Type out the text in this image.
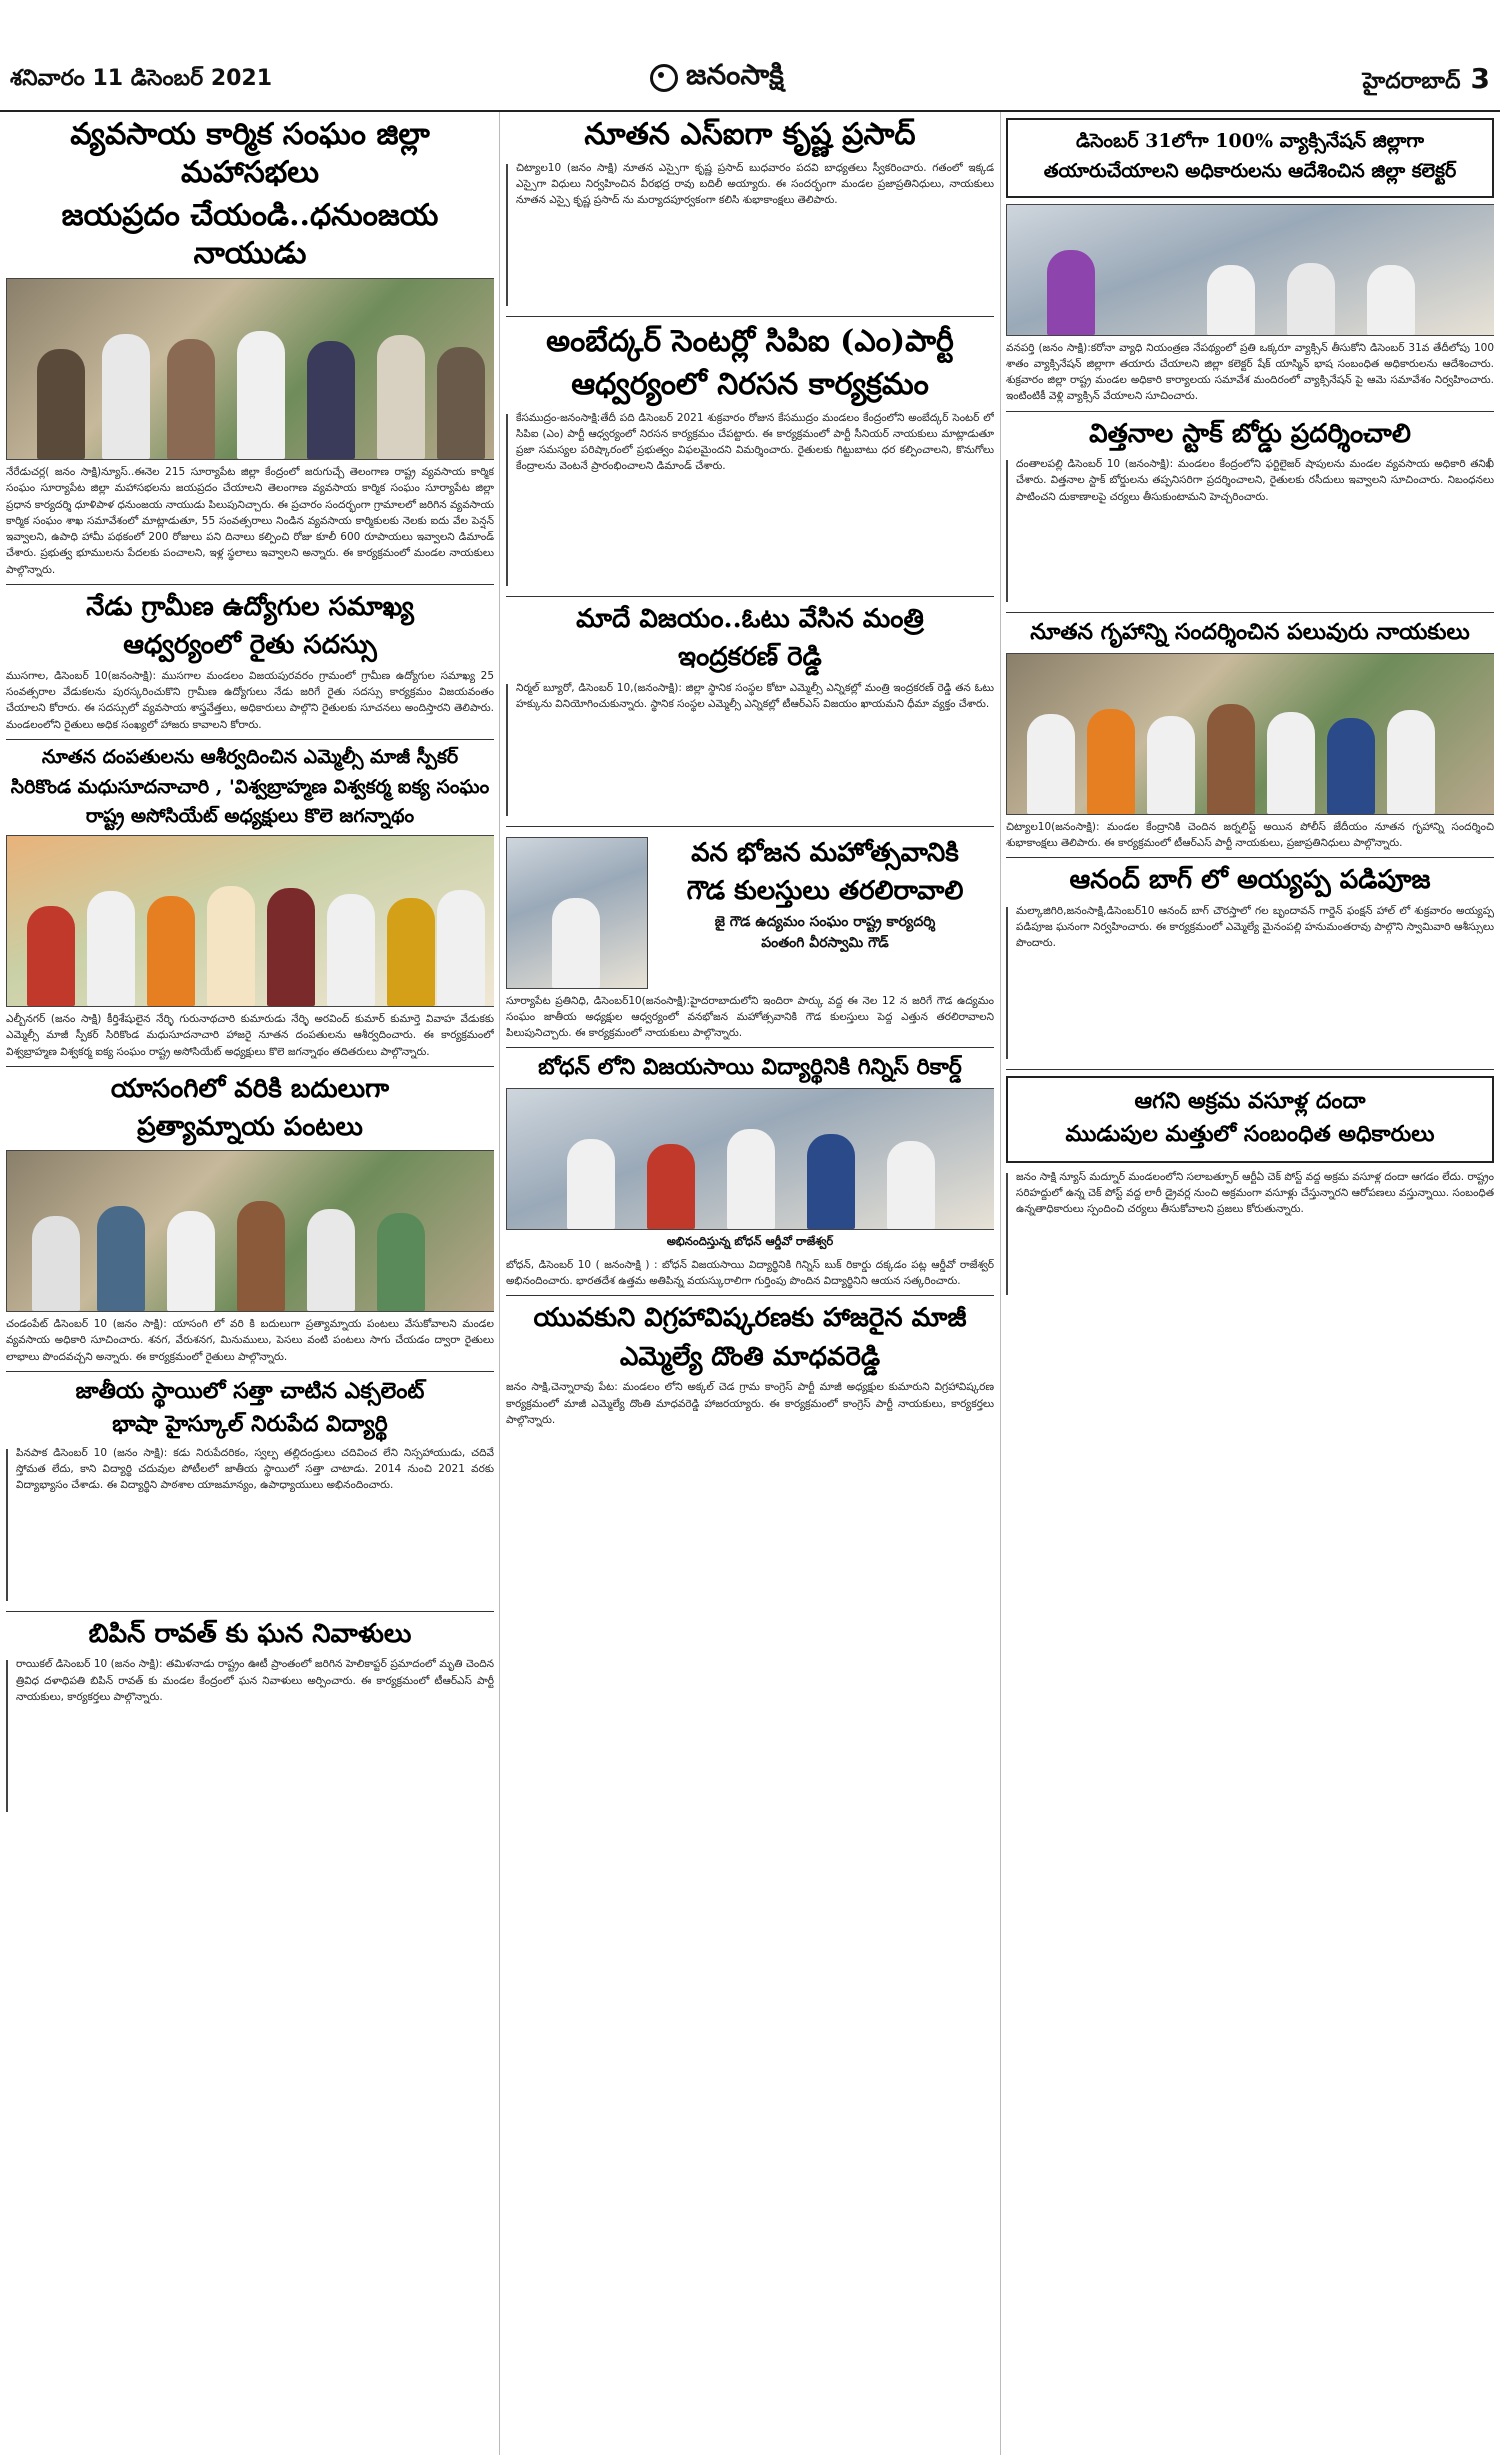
శనివారం 11 డిసెంబర్ 2021	జనంసాక్షి	హైదరాబాద్ 3
వ్యవసాయ కార్మిక సంఘం జిల్లా మహాసభలు
జయప్రదం చేయండి..ధనుంజయ నాయుడు

నేరేడుచర్ల( జనం సాక్షి)న్యూస్..ఈనెల 215 సూర్యాపేట జిల్లా కేంద్రంలో జరుగుచ్చే తెలంగాణ రాష్ట్ర వ్యవసాయ కార్మిక సంఘం సూర్యాపేట జిల్లా మహాసభలను జయప్రదం చేయాలని తెలంగాణ వ్యవసాయ కార్మిక సంఘం సూర్యాపేట జిల్లా ప్రధాన కార్యదర్శి ధూళిపాళ ధనుంజయ నాయుడు పిలుపునిచ్చారు. ఈ ప్రచారం సందర్భంగా గ్రామాలలో జరిగిన వ్యవసాయ కార్మిక సంఘం శాఖ సమావేశంలో మాట్లాడుతూ, 55 సంవత్సరాలు నిండిన వ్యవసాయ కార్మికులకు నెలకు ఐదు వేల పెన్షన్ ఇవ్వాలని, ఉపాధి హామీ పథకంలో 200 రోజులు పని దినాలు కల్పించి రోజు కూలీ 600 రూపాయలు ఇవ్వాలని డిమాండ్ చేశారు. ప్రభుత్వ భూములను పేదలకు పంచాలని, ఇళ్ల స్థలాలు ఇవ్వాలని అన్నారు. ఈ కార్యక్రమంలో మండల నాయకులు పాల్గొన్నారు.

నేడు గ్రామీణ ఉద్యోగుల సమాఖ్య
ఆధ్వర్యంలో రైతు సదస్సు

ముసగాల, డిసెంబర్ 10(జనంసాక్షి): ముసగాల మండలం విజయపురవరం గ్రామంలో గ్రామీణ ఉద్యోగుల సమాఖ్య 25 సంవత్సరాల వేడుకలను పురస్కరించుకొని గ్రామీణ ఉద్యోగులు నేడు జరిగే రైతు సదస్సు కార్యక్రమం విజయవంతం చేయాలని కోరారు. ఈ సదస్సులో వ్యవసాయ శాస్త్రవేత్తలు, అధికారులు పాల్గొని రైతులకు సూచనలు అందిస్తారని తెలిపారు. మండలంలోని రైతులు అధిక సంఖ్యలో హాజరు కావాలని కోరారు.

నూతన దంపతులను ఆశీర్వదించిన ఎమ్మెల్సీ మాజీ స్పీకర్
సిరికొండ మధుసూదనాచారి , 'విశ్వబ్రాహ్మణ విశ్వకర్మ ఐక్య సంఘం
రాష్ట్ర అసోసియేట్ అధ్యక్షులు కొలె జగన్నాథం

ఎల్బీనగర్ (జనం సాక్షి) కీర్తిశేషులైన నేర్ళి గురునాథచారి కుమారుడు నేర్ళి అరవింద్ కుమార్ కుమార్తె వివాహ వేడుకకు ఎమ్మెల్సీ మాజీ స్పీకర్ సిరికొండ మధుసూదనాచారి హాజరై నూతన దంపతులను ఆశీర్వదించారు. ఈ కార్యక్రమంలో విశ్వబ్రాహ్మణ విశ్వకర్మ ఐక్య సంఘం రాష్ట్ర అసోసియేట్ అధ్యక్షులు కొలె జగన్నాథం తదితరులు పాల్గొన్నారు.

యాసంగిలో వరికి బదులుగా
ప్రత్యామ్నాయ పంటలు

చండంపేట్ డిసెంబర్ 10 (జనం సాక్షి): యాసంగి లో వరి కి బదులుగా ప్రత్యామ్నాయ పంటలు వేసుకోవాలని మండల వ్యవసాయ అధికారి సూచించారు. శనగ, వేరుశనగ, మినుములు, పెసలు వంటి పంటలు సాగు చేయడం ద్వారా రైతులు లాభాలు పొందవచ్చని అన్నారు. ఈ కార్యక్రమంలో రైతులు పాల్గొన్నారు.

జాతీయ స్థాయిలో సత్తా చాటిన ఎక్సలెంట్
భాషా హైస్కూల్ నిరుపేద విద్యార్థి

పినపాక డిసెంబర్ 10 (జనం సాక్షి): కడు నిరుపేదరికం, స్వల్ప తల్లిదండ్రులు చదివించ లేని నిస్సహాయుడు, చదివే స్తోమత లేదు, కాని విద్యార్థి చదువుల పోటీలలో జాతీయ స్థాయిలో సత్తా చాటాడు. 2014 నుంచి 2021 వరకు విద్యాభ్యాసం చేశాడు. ఈ విద్యార్థిని పాఠశాల యాజమాన్యం, ఉపాధ్యాయులు అభినందించారు.

బిపిన్ రావత్ కు ఘన నివాళులు

రాయికల్ డిసెంబర్ 10 (జనం సాక్షి): తమిళనాడు రాష్ట్రం ఊటీ ప్రాంతంలో జరిగిన హెలికాప్టర్ ప్రమాదంలో మృతి చెందిన త్రివిధ దళాధిపతి బిపిన్ రావత్ కు మండల కేంద్రంలో ఘన నివాళులు అర్పించారు. ఈ కార్యక్రమంలో టీఆర్ఎస్ పార్టీ నాయకులు, కార్యకర్తలు పాల్గొన్నారు.

నూతన ఎస్ఐగా కృష్ణ ప్రసాద్

చిట్యాల10 (జనం సాక్షి) నూతన ఎస్సైగా కృష్ణ ప్రసాద్ బుధవారం పదవి బాధ్యతలు స్వీకరించారు. గతంలో ఇక్కడ ఎస్సైగా విధులు నిర్వహించిన వీరభద్ర రావు బదిలీ అయ్యారు. ఈ సందర్భంగా మండల ప్రజాప్రతినిధులు, నాయకులు నూతన ఎస్సై కృష్ణ ప్రసాద్ ను మర్యాదపూర్వకంగా కలిసి శుభాకాంక్షలు తెలిపారు.

అంబేద్కర్ సెంటర్లో సిపిఐ (ఎం)పార్టీ
ఆధ్వర్యంలో నిరసన కార్యక్రమం

కేసముద్రం-జనంసాక్షి:తేదీ పది డిసెంబర్ 2021 శుక్రవారం రోజున కేసముద్రం మండలం కేంద్రంలోని అంబేద్కర్ సెంటర్ లో సిపిఐ (ఎం) పార్టీ ఆధ్వర్యంలో నిరసన కార్యక్రమం చేపట్టారు. ఈ కార్యక్రమంలో పార్టీ సీనియర్ నాయకులు మాట్లాడుతూ ప్రజా సమస్యల పరిష్కారంలో ప్రభుత్వం విఫలమైందని విమర్శించారు. రైతులకు గిట్టుబాటు ధర కల్పించాలని, కొనుగోలు కేంద్రాలను వెంటనే ప్రారంభించాలని డిమాండ్ చేశారు.

మాదే విజయం..ఓటు వేసిన మంత్రి
ఇంద్రకరణ్ రెడ్డి

నిర్మల్ బ్యూరో, డిసెంబర్ 10,(జనంసాక్షి): జిల్లా స్థానిక సంస్థల కోటా ఎమ్మెల్సీ ఎన్నికల్లో మంత్రి ఇంద్రకరణ్ రెడ్డి తన ఓటు హక్కును వినియోగించుకున్నారు. స్థానిక సంస్థల ఎమ్మెల్సీ ఎన్నికల్లో టీఆర్ఎస్ విజయం ఖాయమని ధీమా వ్యక్తం చేశారు.

వన భోజన మహోత్సవానికి
గౌడ కులస్తులు తరలిరావాలి
జై గౌడ ఉద్యమం సంఘం రాష్ట్ర కార్యదర్శి
పంతంగి వీరస్వామి గౌడ్

సూర్యాపేట ప్రతినిధి, డిసెంబర్10(జనంసాక్షి):హైదరాబాదులోని ఇందిరా పార్కు వద్ద ఈ నెల 12 న జరిగే గౌడ ఉద్యమం సంఘం జాతీయ అధ్యక్షుల ఆధ్వర్యంలో వనభోజన మహోత్సవానికి గౌడ కులస్తులు పెద్ద ఎత్తున తరలిరావాలని పిలుపునిచ్చారు. ఈ కార్యక్రమంలో నాయకులు పాల్గొన్నారు.

బోధన్ లోని విజయసాయి విద్యార్థినికి గిన్నిస్ రికార్డ్
అభినందిస్తున్న బోధన్ ఆర్డీవో రాజేశ్వర్

బోధన్, డిసెంబర్ 10 ( జనంసాక్షి ) : బోధన్ విజయసాయి విద్యార్థినికి గిన్నిస్ బుక్ రికార్డు దక్కడం పట్ల ఆర్డీవో రాజేశ్వర్ అభినందించారు. భారతదేశ ఉత్తమ అతిపిన్న వయస్కురాలిగా గుర్తింపు పొందిన విద్యార్థినిని ఆయన సత్కరించారు.

యువకుని విగ్రహావిష్కరణకు హాజరైన మాజీ
ఎమ్మెల్యే దొంతి మాధవరెడ్డి

జనం సాక్షి,చెన్నారావు పేట: మండలం లోని అక్కల్ చెడ గ్రామ కాంగ్రెస్ పార్టీ మాజీ అధ్యక్షుల కుమారుని విగ్రహావిష్కరణ కార్యక్రమంలో మాజీ ఎమ్మెల్యే దొంతి మాధవరెడ్డి హాజరయ్యారు. ఈ కార్యక్రమంలో కాంగ్రెస్ పార్టీ నాయకులు, కార్యకర్తలు పాల్గొన్నారు.

డిసెంబర్ 31లోగా 100% వ్యాక్సినేషన్ జిల్లాగా
తయారుచేయాలని అధికారులను ఆదేశించిన జిల్లా కలెక్టర్

వనపర్తి (జనం సాక్షి):కరోనా వ్యాధి నియంత్రణ నేపథ్యంలో ప్రతి ఒక్కరూ వ్యాక్సిన్ తీసుకోని డిసెంబర్ 31వ తేదీలోపు 100 శాతం వ్యాక్సినేషన్ జిల్లాగా తయారు చేయాలని జిల్లా కలెక్టర్ షేక్ యాస్మిన్ భాష సంబంధిత అధికారులను ఆదేశించారు. శుక్రవారం జిల్లా రాష్ట్ర మండల అధికారి కార్యాలయ సమావేశ మందిరంలో వ్యాక్సినేషన్ పై ఆమె సమావేశం నిర్వహించారు. ఇంటింటికీ వెళ్లి వ్యాక్సిన్ వేయాలని సూచించారు.

విత్తనాల స్టాక్ బోర్డు ప్రదర్శించాలి

దంతాలపల్లి డిసెంబర్ 10 (జనంసాక్షి): మండలం కేంద్రంలోని ఫర్టిలైజర్ షాపులను మండల వ్యవసాయ అధికారి తనిఖీ చేశారు. విత్తనాల స్టాక్ బోర్డులను తప్పనిసరిగా ప్రదర్శించాలని, రైతులకు రసీదులు ఇవ్వాలని సూచించారు. నిబంధనలు పాటించని దుకాణాలపై చర్యలు తీసుకుంటామని హెచ్చరించారు.

నూతన గృహాన్ని సందర్శించిన పలువురు నాయకులు

చిట్యాల10(జనంసాక్షి): మండల కేంద్రానికి చెందిన జర్నలిస్ట్ అయిన పోలీస్ జేదీయం నూతన గృహాన్ని సందర్శించి శుభాకాంక్షలు తెలిపారు. ఈ కార్యక్రమంలో టీఆర్ఎస్ పార్టీ నాయకులు, ప్రజాప్రతినిధులు పాల్గొన్నారు.

ఆనంద్ బాగ్ లో అయ్యప్ప పడిపూజ

మల్కాజిగిరి,జనంసాక్షి,డిసెంబర్10 ఆనంద్ బాగ్ చౌరస్తాలో గల బృందావన్ గార్డెన్ ఫంక్షన్ హాల్ లో శుక్రవారం అయ్యప్ప పడిపూజ ఘనంగా నిర్వహించారు. ఈ కార్యక్రమంలో ఎమ్మెల్యే మైనంపల్లి హనుమంతరావు పాల్గొని స్వామివారి ఆశీస్సులు పొందారు.

ఆగని అక్రమ వసూళ్ల దందా
ముడుపుల మత్తులో సంబంధిత అధికారులు

జనం సాక్షి న్యూస్ మద్నూర్ మండలంలోని సలాబత్పూర్ ఆర్టీఏ చెక్ పోస్ట్ వద్ద అక్రమ వసూళ్ల దందా ఆగడం లేదు. రాష్ట్రం సరిహద్దులో ఉన్న చెక్ పోస్ట్ వద్ద లారీ డ్రైవర్ల నుంచి అక్రమంగా వసూళ్లు చేస్తున్నారని ఆరోపణలు వస్తున్నాయి. సంబంధిత ఉన్నతాధికారులు స్పందించి చర్యలు తీసుకోవాలని ప్రజలు కోరుతున్నారు.
